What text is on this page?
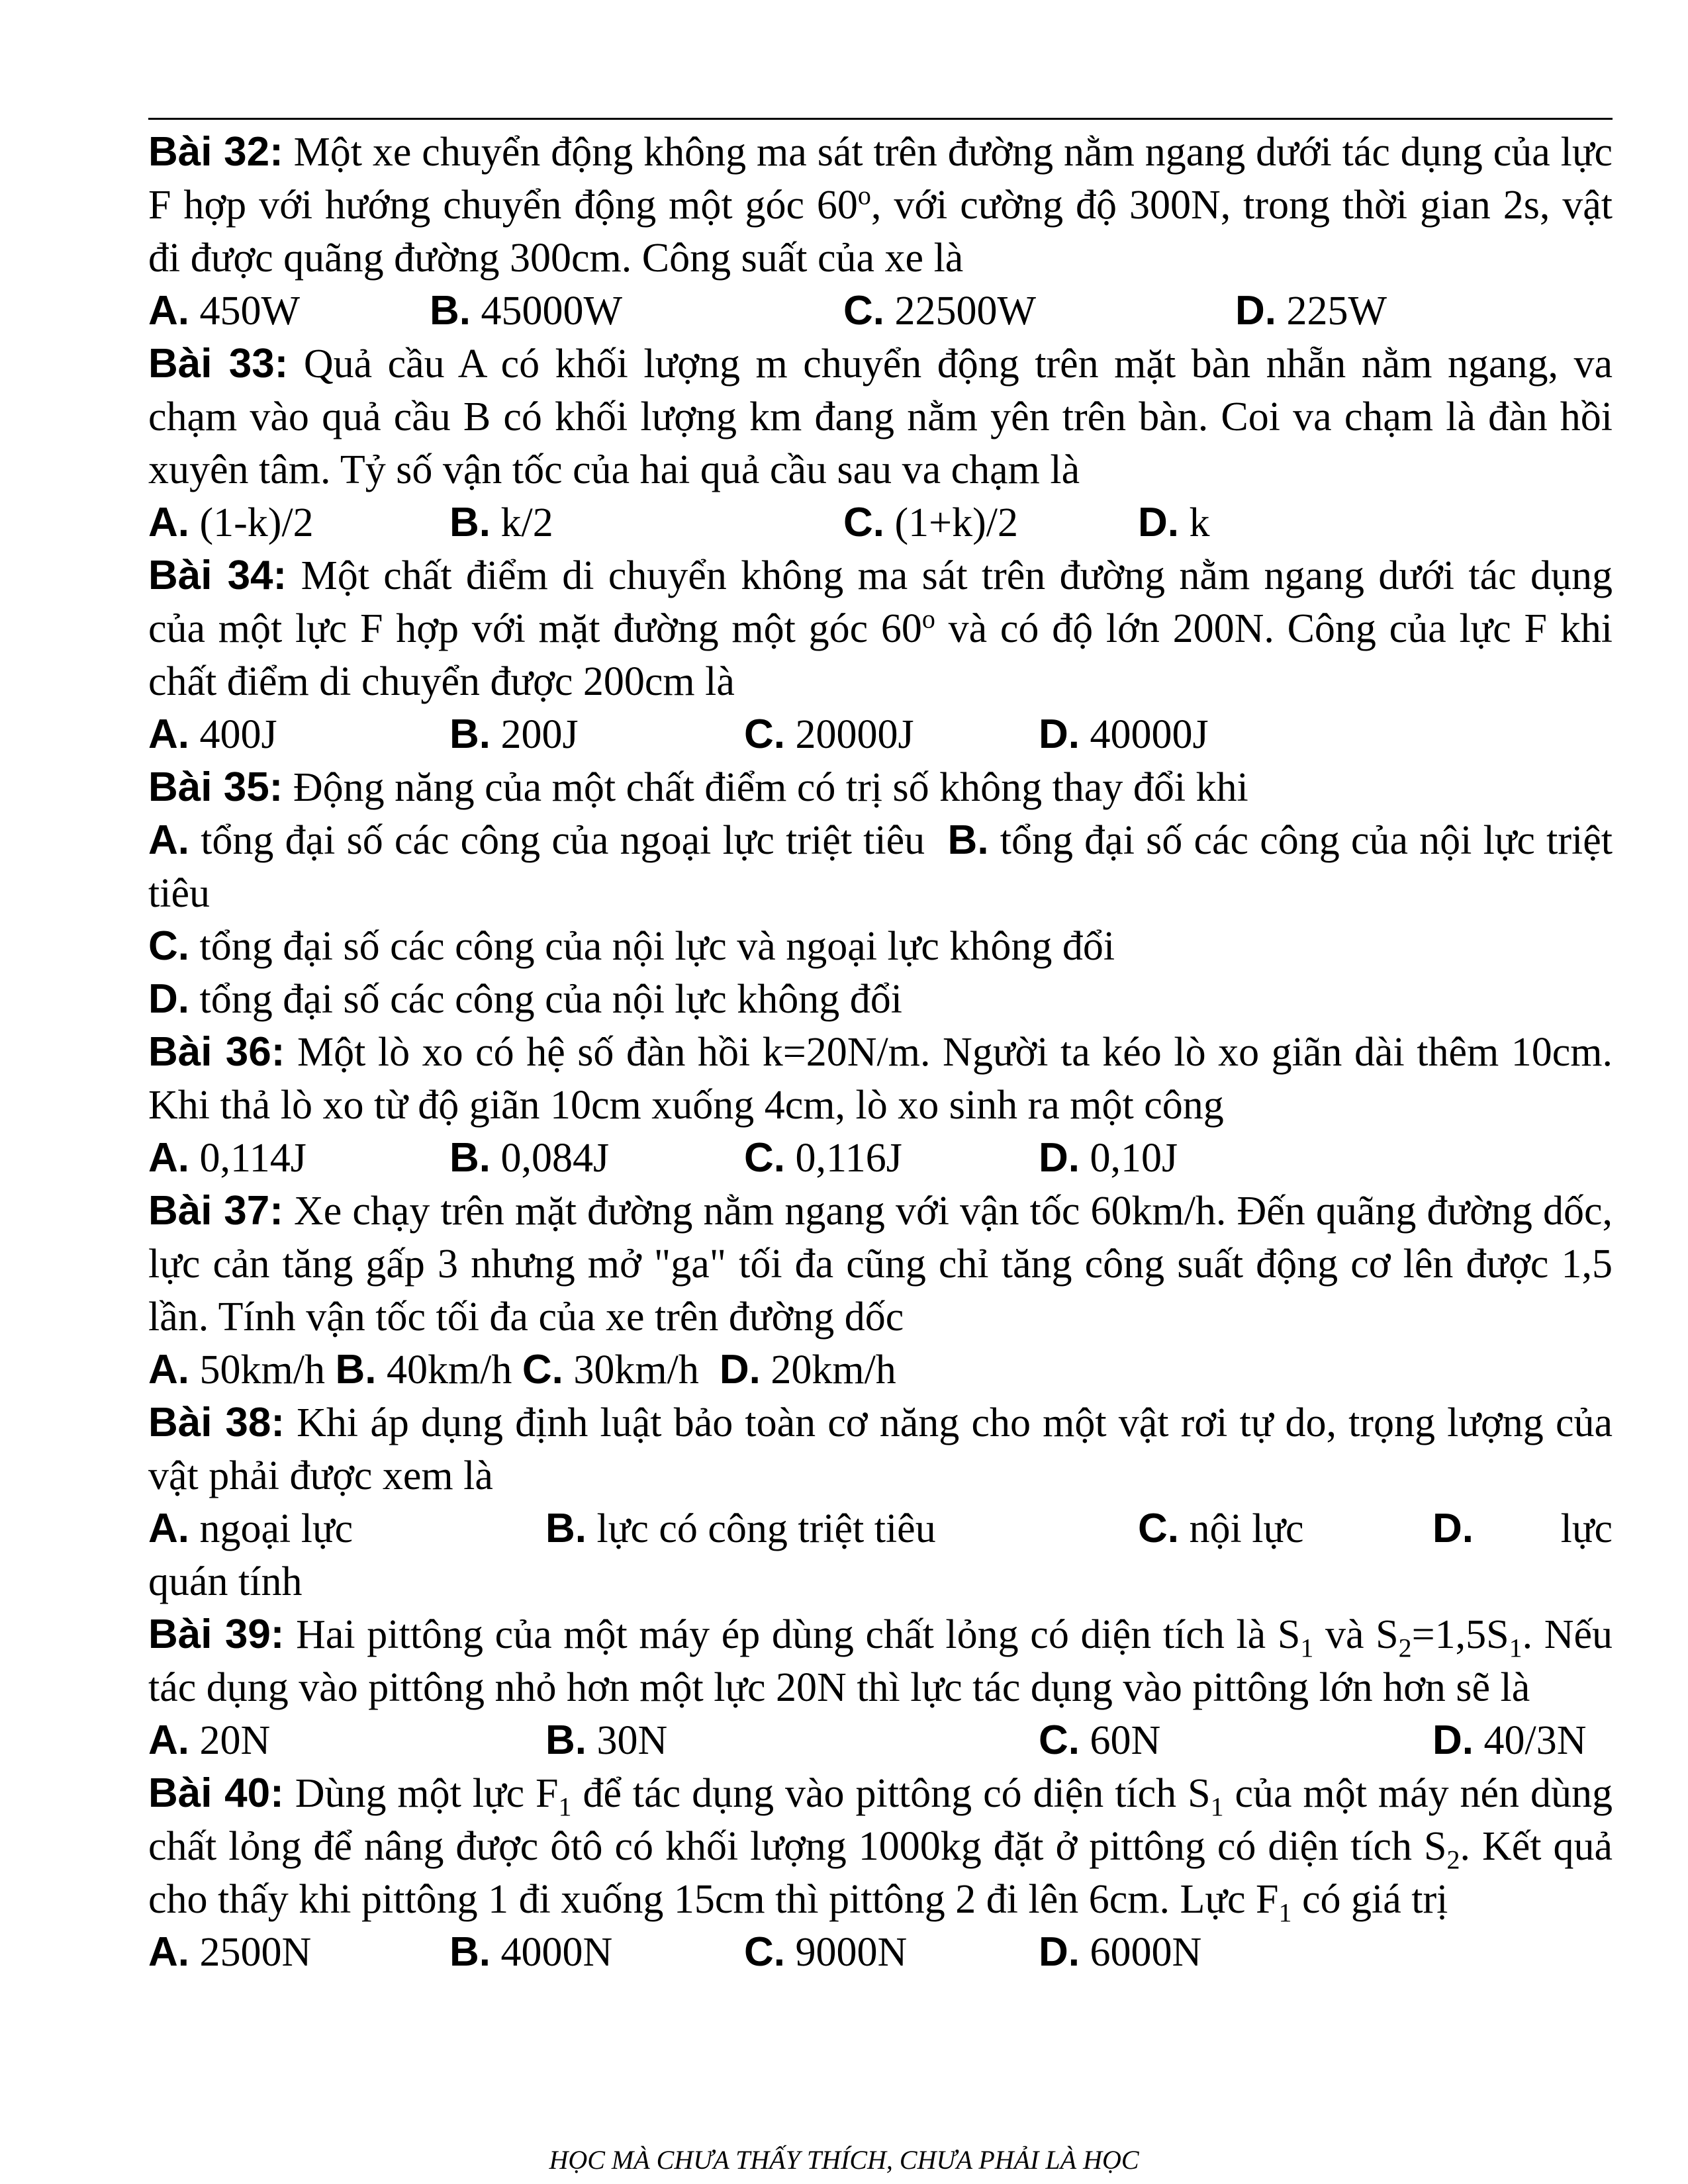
Bài 32: Một xe chuyển động không ma sát trên đường nằm ngang dưới tác dụng của lực F hợp với hướng chuyển động một góc 60$^o$, với cường độ 300N, trong thời gian 2s, vật đi được quãng đường 300cm. Công suất của xe là

A. 450W	B. 45000W	C. 22500W	D. 225W

Bài 33: Quả cầu A có khối lượng m chuyển động trên mặt bàn nhẵn nằm ngang, va chạm vào quả cầu B có khối lượng km đang nằm yên trên bàn. Coi va chạm là đàn hồi xuyên tâm. Tỷ số vận tốc của hai quả cầu sau va chạm là

A. (1-k)/2	B. k/2	C. (1+k)/2	D. k

Bài 34: Một chất điểm di chuyển không ma sát trên đường nằm ngang dưới tác dụng của một lực F hợp với mặt đường một góc 60$^o$ và có độ lớn 200N. Công của lực F khi chất điểm di chuyển được 200cm là

A. 400J	B. 200J	C. 20000J	D. 40000J

Bài 35: Động năng của một chất điểm có trị số không thay đổi khi

A. tổng đại số các công của ngoại lực triệt tiêu B. tổng đại số các công của nội lực triệt tiêu

C. tổng đại số các công của nội lực và ngoại lực không đổi

D. tổng đại số các công của nội lực không đổi

Bài 36: Một lò xo có hệ số đàn hồi k=20N/m. Người ta kéo lò xo giãn dài thêm 10cm. Khi thả lò xo từ độ giãn 10cm xuống 4cm, lò xo sinh ra một công

A. 0,114J	B. 0,084J	C. 0,116J	D. 0,10J

Bài 37: Xe chạy trên mặt đường nằm ngang với vận tốc 60km/h. Đến quãng đường dốc, lực cản tăng gấp 3 nhưng mở "ga" tối đa cũng chỉ tăng công suất động cơ lên được 1,5 lần. Tính vận tốc tối đa của xe trên đường dốc

A. 50km/h B. 40km/h C. 30km/h D. 20km/h

Bài 38: Khi áp dụng định luật bảo toàn cơ năng cho một vật rơi tự do, trọng lượng của vật phải được xem là

A. ngoại lực	B. lực có công triệt tiêu	C. nội lực	D. lực

quán tính

Bài 39: Hai pittông của một máy ép dùng chất lỏng có diện tích là $S_1$ và $S_2=1,5S_1$. Nếu tác dụng vào pittông nhỏ hơn một lực 20N thì lực tác dụng vào pittông lớn hơn sẽ là

A. 20N	B. 30N	C. 60N	D. 40/3N

Bài 40: Dùng một lực $F_1$ để tác dụng vào pittông có diện tích $S_1$ của một máy nén dùng chất lỏng để nâng được ôtô có khối lượng 1000kg đặt ở pittông có diện tích $S_2$. Kết quả cho thấy khi pittông 1 đi xuống 15cm thì pittông 2 đi lên 6cm. Lực $F_1$ có giá trị

A. 2500N	B. 4000N	C. 9000N	D. 6000N
HỌC MÀ CHƯA THẤY THÍCH, CHƯA PHẢI LÀ HỌC
